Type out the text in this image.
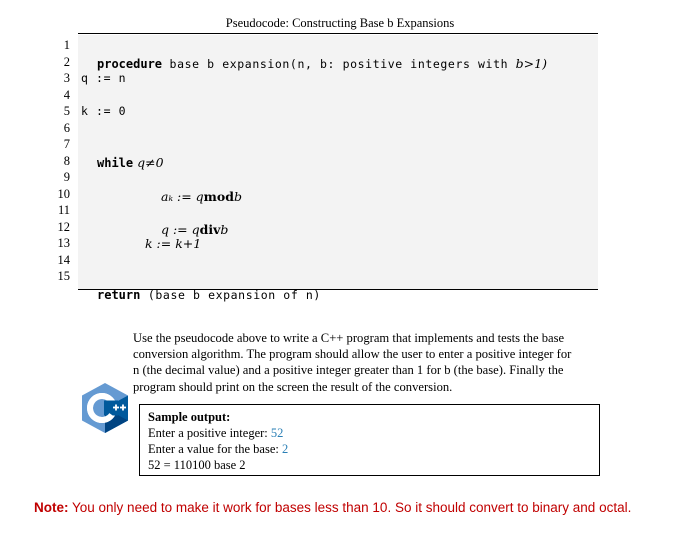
Pseudocode: Constructing Base b Expansions
1
2
3
4
5
6
7
8
9
10
11
12
13
14
15

procedure base b expansion(n, b: positive integers with b>1)

q := n
k := 0

while q≠0

aₖ := qmodb

q := qdivb

k := k+1

return (base b expansion of n)

Use the pseudocode above to write a C++ program that implements and tests the base
conversion algorithm. The program should allow the user to enter a positive integer for
n (the decimal value) and a positive integer greater than 1 for b (the base). Finally the
program should print on the screen the result of the conversion.
Sample output:
Enter a positive integer: 52
Enter a value for the base: 2
52 = 110100 base 2
Note: You only need to make it work for bases less than 10. So it should convert to binary and octal.
